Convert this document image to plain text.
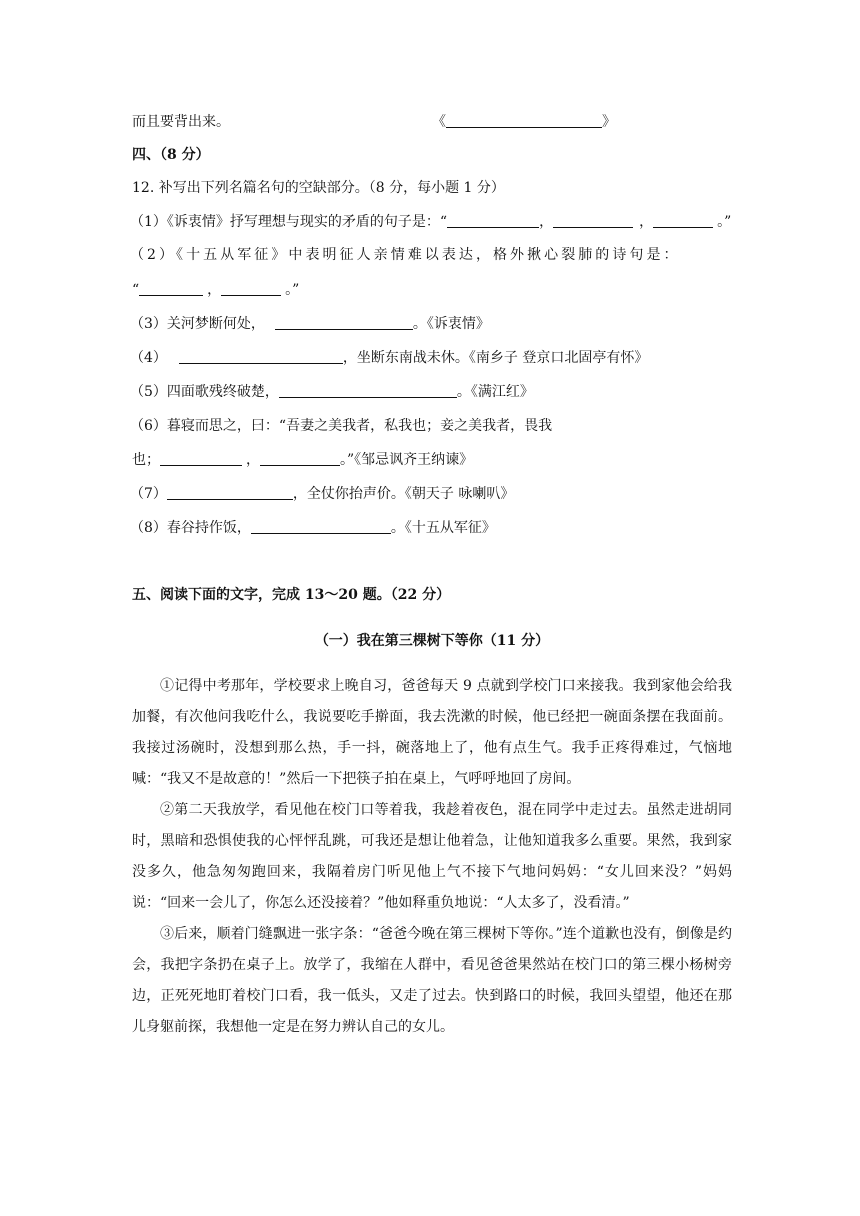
而且要背出来。	《	》
四、（8 分）
12. 补写出下列名篇名句的空缺部分。（8 分，每小题 1 分）
（1）《诉衷情》抒写理想与现实的矛盾的句子是：“	，	，	。”
（2）《十五从军征》中表明征人亲情难以表达，格外揪心裂肺的诗句是：
“	，	。”
（3）关河梦断何处，	。《诉衷情》
（4）	，坐断东南战未休。《南乡子 登京口北固亭有怀》
（5）四面歌残终破楚，	。《满江红》
（6）暮寝而思之，曰：“吾妻之美我者，私我也；妾之美我者，畏我
也；	，	。”《邹忌讽齐王纳谏》
（7）	，全仗你抬声价。《朝天子 咏喇叭》
（8）春谷持作饭，	。《十五从军征》
五、阅读下面的文字，完成 13～20 题。（22 分）
（一）我在第三棵树下等你（11 分）

①记得中考那年，学校要求上晚自习，爸爸每天 9 点就到学校门口来接我。我到家他会给我加餐，有次他问我吃什么，我说要吃手擀面，我去洗漱的时候，他已经把一碗面条摆在我面前。我接过汤碗时，没想到那么热，手一抖，碗落地上了，他有点生气。我手正疼得难过，气恼地喊：“我又不是故意的！”然后一下把筷子拍在桌上，气呼呼地回了房间。

②第二天我放学，看见他在校门口等着我，我趁着夜色，混在同学中走过去。虽然走进胡同时，黑暗和恐惧使我的心怦怦乱跳，可我还是想让他着急，让他知道我多么重要。果然，我到家没多久，他急匆匆跑回来，我隔着房门听见他上气不接下气地问妈妈：“女儿回来没？”妈妈说：“回来一会儿了，你怎么还没接着？”他如释重负地说：“人太多了，没看清。”

③后来，顺着门缝飘进一张字条：“爸爸今晚在第三棵树下等你。”连个道歉也没有，倒像是约会，我把字条扔在桌子上。放学了，我缩在人群中，看见爸爸果然站在校门口的第三棵小杨树旁边，正死死地盯着校门口看，我一低头，又走了过去。快到路口的时候，我回头望望，他还在那儿身躯前探，我想他一定是在努力辨认自己的女儿。
